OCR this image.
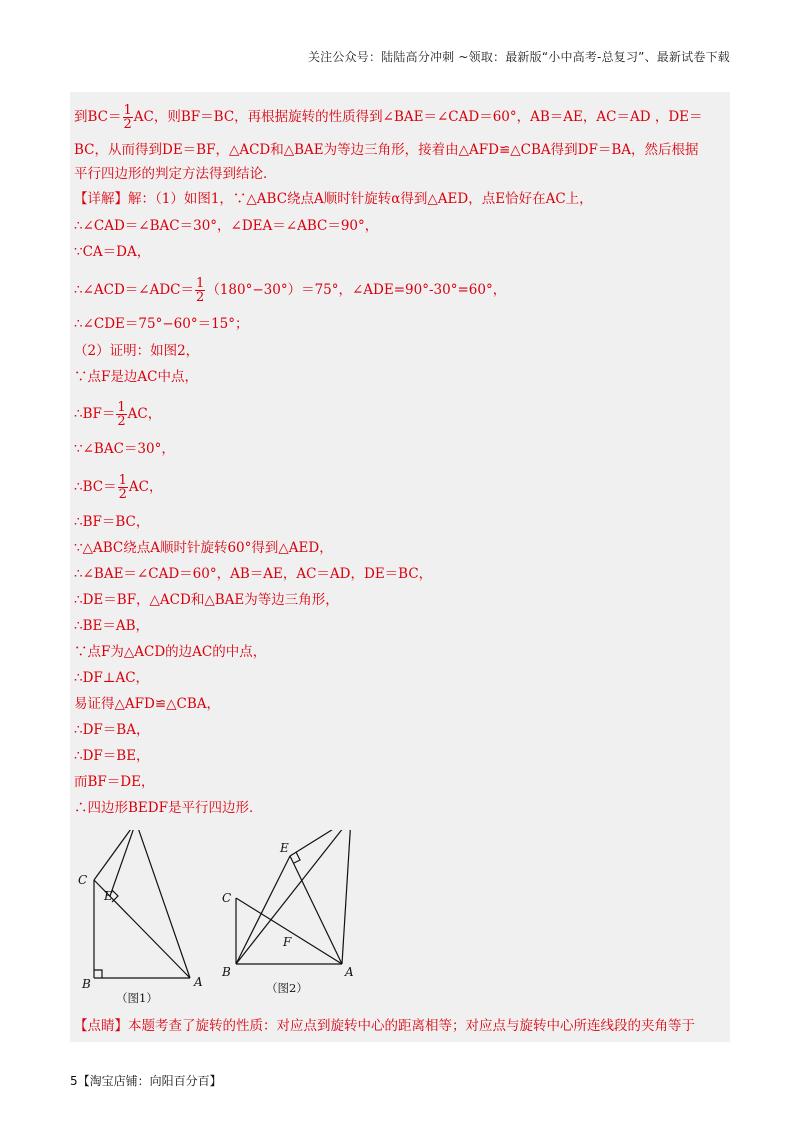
关注公众号：陆陆高分冲刺 ~领取：最新版“小中高考-总复习”、最新试卷下载
到$BC= \frac{1}{2}$ AC，则BF＝BC，再根据旋转的性质得到∠BAE＝∠CAD＝60°，AB＝AE，AC＝AD ，DE＝
BC，从而得到DE＝BF，△ACD和△BAE为等边三角形，接着由△AFD≌△CBA得到DF＝BA，然后根据
平行四边形的判定方法得到结论．
【详解】解：（1）如图1，∵△ABC绕点A顺时针旋转α得到△AED，点E恰好在AC上，
∴∠CAD＝∠BAC＝30°，∠DEA＝∠ABC＝90°，
∵CA＝DA，
∴∠ACD＝∠ADC＝ $\frac{1}{2} (180^\circ-30^\circ)=75^\circ$，∠ADE=90°-30°=60°，
∴∠CDE＝75°−60°＝15°；
（2）证明：如图2，
∵点F是边AC中点，
∴BF＝ $\frac{1}{2}$ AC，
∵∠BAC＝30°，
∴BC＝ $\frac{1}{2}$ AC，
∴BF＝BC，
∵△ABC绕点A顺时针旋转60°得到△AED，
∴∠BAE＝∠CAD＝60°，AB＝AE，AC＝AD，DE＝BC，
∴DE＝BF，△ACD和△BAE为等边三角形，
∴BE＝AB，
∵点F为△ACD的边AC的中点，
∴DF⊥AC，
易证得△AFD≌△CBA，
∴DF＝BA，
∴DF＝BE，
而BF＝DE，
∴四边形BEDF是平行四边形．
C
E
B	A
（图1）
C
E
F
B	A
（图2）
【点睛】本题考查了旋转的性质：对应点到旋转中心的距离相等；对应点与旋转中心所连线段的夹角等于
5【淘宝店铺：向阳百分百】
